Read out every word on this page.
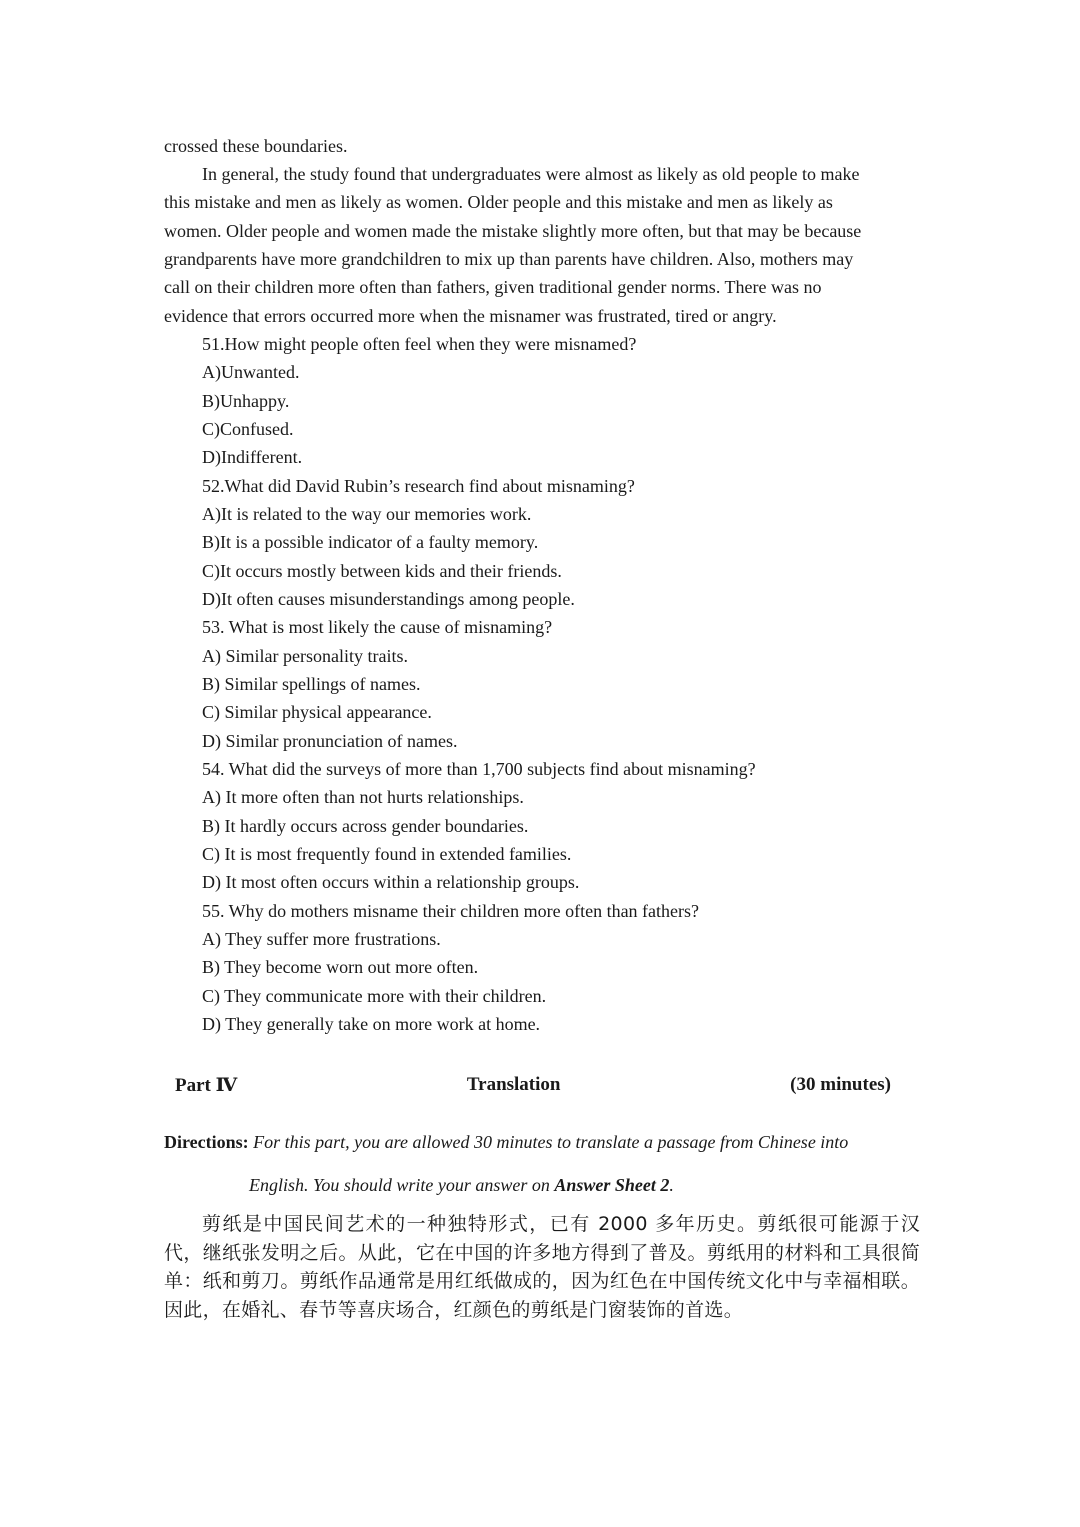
crossed these boundaries.
In general, the study found that undergraduates were almost as likely as old people to make
this mistake and men as likely as women. Older people and this mistake and men as likely as
women. Older people and women made the mistake slightly more often, but that may be because
grandparents have more grandchildren to mix up than parents have children. Also, mothers may
call on their children more often than fathers, given traditional gender norms. There was no
evidence that errors occurred more when the misnamer was frustrated, tired or angry.
51.How might people often feel when they were misnamed?
A)Unwanted.
B)Unhappy.
C)Confused.
D)Indifferent.
52.What did David Rubin’s research find about misnaming?
A)It is related to the way our memories work.
B)It is a possible indicator of a faulty memory.
C)It occurs mostly between kids and their friends.
D)It often causes misunderstandings among people.
53. What is most likely the cause of misnaming?
A) Similar personality traits.
B) Similar spellings of names.
C) Similar physical appearance.
D) Similar pronunciation of names.
54. What did the surveys of more than 1,700 subjects find about misnaming?
A) It more often than not hurts relationships.
B) It hardly occurs across gender boundaries.
C) It is most frequently found in extended families.
D) It most often occurs within a relationship groups.
55. Why do mothers misname their children more often than fathers?
A) They suffer more frustrations.
B) They become worn out more often.
C) They communicate more with their children.
D) They generally take on more work at home.
Part Ⅳ	Translation	(30 minutes)
Directions: For this part, you are allowed 30 minutes to translate a passage from Chinese into
English. You should write your answer on Answer Sheet 2.
剪纸是中国民间艺术的一种独特形式，已有 2000 多年历史。剪纸很可能源于汉代，继纸张发明之后。从此，它在中国的许多地方得到了普及。剪纸用的材料和工具很简单：纸和剪刀。剪纸作品通常是用红纸做成的，因为红色在中国传统文化中与幸福相联。因此，在婚礼、春节等喜庆场合，红颜色的剪纸是门窗装饰的首选。
